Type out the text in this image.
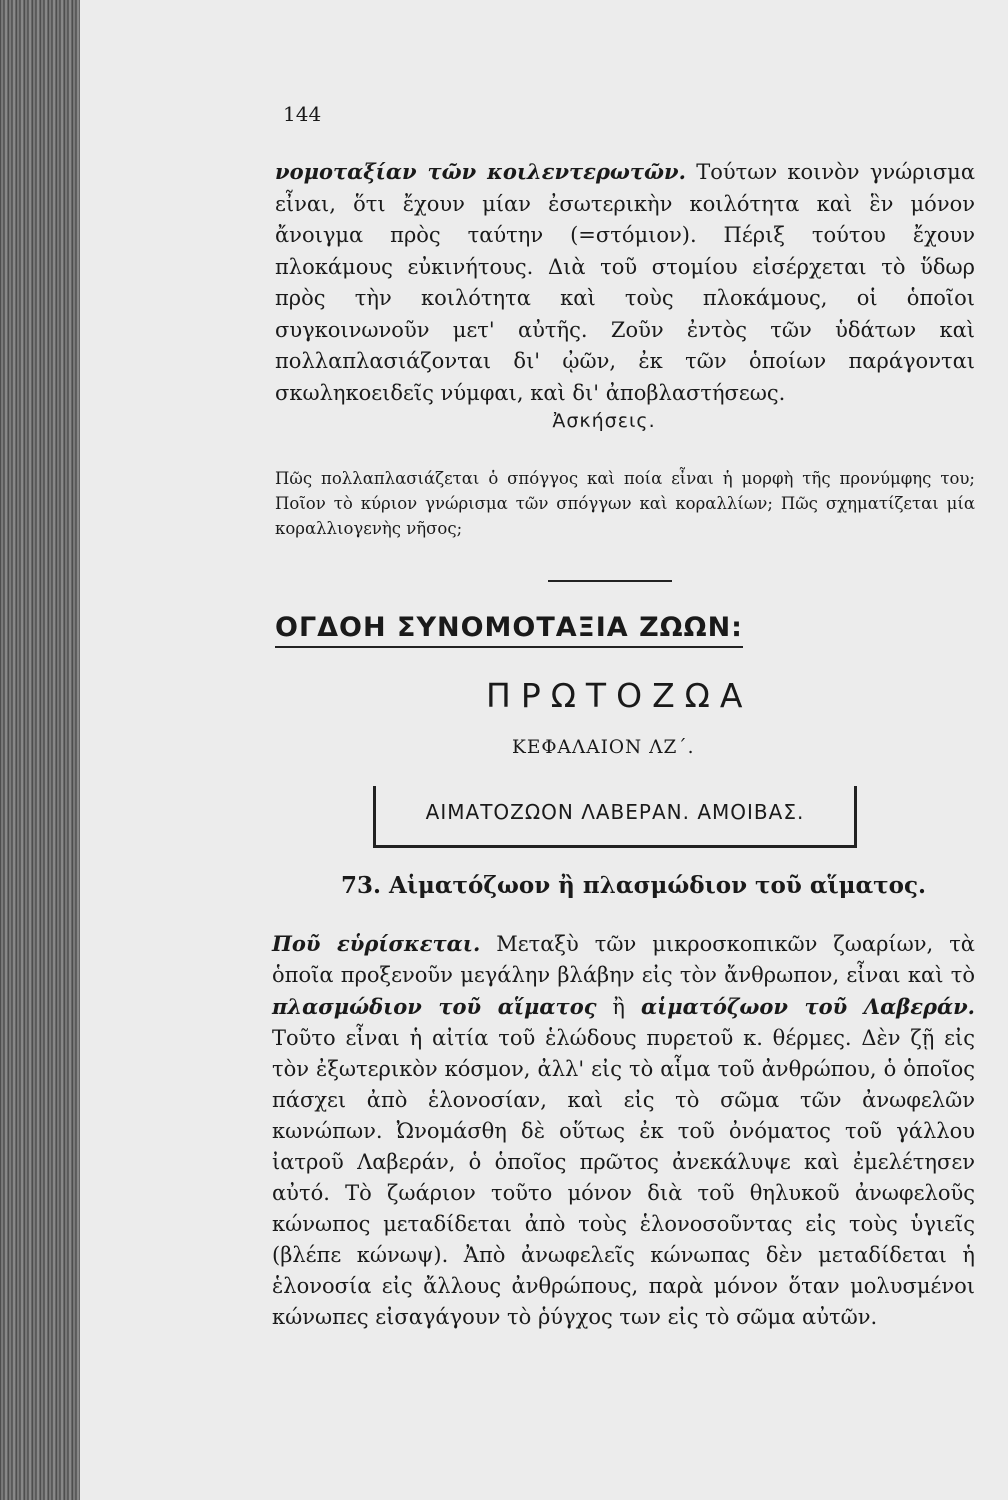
144

νομοταξίαν τῶν κοιλεντερωτῶν. Τούτων κοινὸν γνώρισμα εἶναι, ὅτι ἔχουν μίαν ἐσωτερικὴν κοιλότητα καὶ ἓν μόνον ἄνοιγμα πρὸς ταύτην (=στόμιον). Πέριξ τούτου ἔχουν πλοκάμους εὐκινήτους. Διὰ τοῦ στομίου εἰσέρχεται τὸ ὕδωρ πρὸς τὴν κοιλότητα καὶ τοὺς πλοκάμους, οἱ ὁποῖοι συγκοινωνοῦν μετ' αὐτῆς. Ζοῦν ἐντὸς τῶν ὑδάτων καὶ πολλαπλασιάζονται δι' ᾠῶν, ἐκ τῶν ὁποίων παράγονται σκωληκοειδεῖς νύμφαι, καὶ δι' ἀποβλαστήσεως.

Ἀσκήσεις.

Πῶς πολλαπλασιάζεται ὁ σπόγγος καὶ ποία εἶναι ἡ μορφὴ τῆς προνύμφης του; Ποῖον τὸ κύριον γνώρισμα τῶν σπόγγων καὶ κοραλλίων; Πῶς σχηματίζεται μία κοραλλιογενὴς νῆσος;

ΟΓΔΟΗ ΣΥΝΟΜΟΤΑΞΙΑ ΖΩΩΝ:
ΠΡΩΤΟΖΩΑ
ΚΕΦΑΛΑΙΟΝ ΛΖ΄.
ΑΙΜΑΤΟΖΩΟΝ ΛΑΒΕΡΑΝ. ΑΜΟΙΒΑΣ.
73. Αἱματόζωον ἢ πλασμώδιον τοῦ αἵματος.

Ποῦ εὑρίσκεται. Μεταξὺ τῶν μικροσκοπικῶν ζωαρίων, τὰ ὁποῖα προξενοῦν μεγάλην βλάβην εἰς τὸν ἄνθρωπον, εἶναι καὶ τὸ πλασμώδιον τοῦ αἵματος ἢ αἱματόζωον τοῦ Λαβεράν. Τοῦτο εἶναι ἡ αἰτία τοῦ ἑλώδους πυρετοῦ κ. θέρμες. Δὲν ζῇ εἰς τὸν ἐξωτερικὸν κόσμον, ἀλλ' εἰς τὸ αἷμα τοῦ ἀνθρώπου, ὁ ὁποῖος πάσχει ἀπὸ ἑλονοσίαν, καὶ εἰς τὸ σῶμα τῶν ἀνωφελῶν κωνώπων. Ὠνομάσθη δὲ οὕτως ἐκ τοῦ ὀνόματος τοῦ γάλλου ἰατροῦ Λαβεράν, ὁ ὁποῖος πρῶτος ἀνεκάλυψε καὶ ἐμελέτησεν αὐτό. Τὸ ζωάριον τοῦτο μόνον διὰ τοῦ θηλυκοῦ ἀνωφελοῦς κώνωπος μεταδίδεται ἀπὸ τοὺς ἑλονοσοῦντας εἰς τοὺς ὑγιεῖς (βλέπε κώνωψ). Ἀπὸ ἀνωφελεῖς κώνωπας δὲν μεταδίδεται ἡ ἑλονοσία εἰς ἄλλους ἀνθρώπους, παρὰ μόνον ὅταν μολυσμένοι κώνωπες εἰσαγάγουν τὸ ῥύγχος των εἰς τὸ σῶμα αὐτῶν.
